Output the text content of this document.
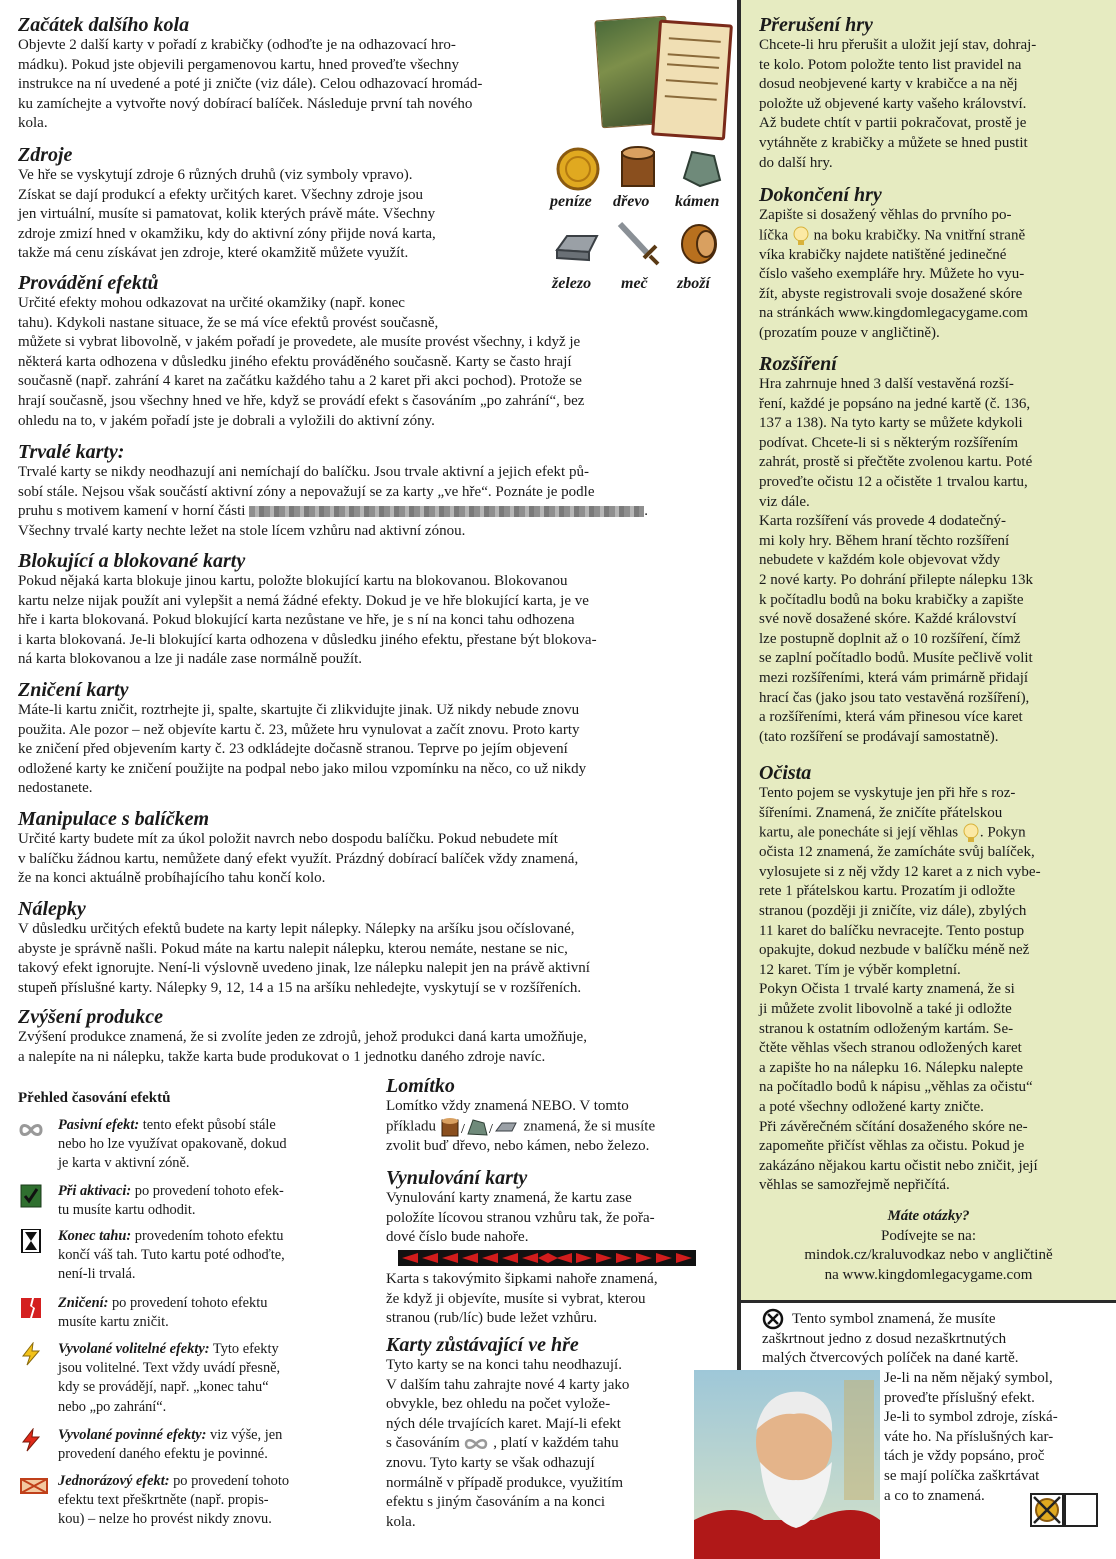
Začátek dalšího kola

Objevte 2 další karty v pořadí z krabičky (odhoďte je na odhazovací hro-

mádku). Pokud jste objevili pergamenovou kartu, hned proveďte všechny

instrukce na ní uvedené a poté ji zničte (viz dále). Celou odhazovací hromád-

ku zamíchejte a vytvořte nový dobírací balíček. Následuje první tah nového

kola.

Zdroje

Ve hře se vyskytují zdroje 6 různých druhů (viz symboly vpravo).

Získat se dají produkcí a efekty určitých karet. Všechny zdroje jsou

jen virtuální, musíte si pamatovat, kolik kterých právě máte. Všechny

zdroje zmizí hned v okamžiku, kdy do aktivní zóny přijde nová karta,

takže má cenu získávat jen zdroje, které okamžitě můžete využít.

peníze dřevo kámen
železo meč zboží
Provádění efektů

Určité efekty mohou odkazovat na určité okamžiky (např. konec

tahu). Kdykoli nastane situace, že se má více efektů provést současně,

můžete si vybrat libovolně, v jakém pořadí je provedete, ale musíte provést všechny, i když je

některá karta odhozena v důsledku jiného efektu prováděného současně. Karty se často hrají

současně (např. zahrání 4 karet na začátku každého tahu a 2 karet při akci pochod). Protože se

hrají současně, jsou všechny hned ve hře, když se provádí efekt s časováním „po zahrání“, bez

ohledu na to, v jakém pořadí jste je dobrali a vyložili do aktivní zóny.

Trvalé karty:

Trvalé karty se nikdy neodhazují ani nemíchají do balíčku. Jsou trvale aktivní a jejich efekt pů-

sobí stále. Nejsou však součástí aktivní zóny a nepovažují se za karty „ve hře“. Poznáte je podle

pruhu s motivem kamení v horní části	.

Všechny trvalé karty nechte ležet na stole lícem vzhůru nad aktivní zónou.

Blokující a blokované karty

Pokud nějaká karta blokuje jinou kartu, položte blokující kartu na blokovanou. Blokovanou

kartu nelze nijak použít ani vylepšit a nemá žádné efekty. Dokud je ve hře blokující karta, je ve

hře i karta blokovaná. Pokud blokující karta nezůstane ve hře, je s ní na konci tahu odhozena

i karta blokovaná. Je-li blokující karta odhozena v důsledku jiného efektu, přestane být blokova-

ná karta blokovanou a lze ji nadále zase normálně použít.

Zničení karty

Máte-li kartu zničit, roztrhejte ji, spalte, skartujte či zlikvidujte jinak. Už nikdy nebude znovu

použita. Ale pozor – než objevíte kartu č. 23, můžete hru vynulovat a začít znovu. Proto karty

ke zničení před objevením karty č. 23 odkládejte dočasně stranou. Teprve po jejím objevení

odložené karty ke zničení použijte na podpal nebo jako milou vzpomínku na něco, co už nikdy

nedostanete.

Manipulace s balíčkem

Určité karty budete mít za úkol položit navrch nebo dospodu balíčku. Pokud nebudete mít

v balíčku žádnou kartu, nemůžete daný efekt využít. Prázdný dobírací balíček vždy znamená,

že na konci aktuálně probíhajícího tahu končí kolo.

Nálepky

V důsledku určitých efektů budete na karty lepit nálepky. Nálepky na aršíku jsou očíslované,

abyste je správně našli. Pokud máte na kartu nalepit nálepku, kterou nemáte, nestane se nic,

takový efekt ignorujte. Není-li výslovně uvedeno jinak, lze nálepku nalepit jen na právě aktivní

stupeň příslušné karty. Nálepky 9, 12, 14 a 15 na aršíku nehledejte, vyskytují se v rozšířeních.

Zvýšení produkce

Zvýšení produkce znamená, že si zvolíte jeden ze zdrojů, jehož produkci daná karta umožňuje,

a nalepíte na ni nálepku, takže karta bude produkovat o 1 jednotku daného zdroje navíc.

Přehled časování efektů

Pasivní efekt: tento efekt působí stále

nebo ho lze využívat opakovaně, dokud

je karta v aktivní zóně.

Při aktivaci: po provedení tohoto efek-

tu musíte kartu odhodit.

Konec tahu: provedením tohoto efektu

končí váš tah. Tuto kartu poté odhoďte,

není-li trvalá.

Zničení: po provedení tohoto efektu

musíte kartu zničit.

Vyvolané volitelné efekty: Tyto efekty

jsou volitelné. Text vždy uvádí přesně,

kdy se provádějí, např. „konec tahu“

nebo „po zahrání“.

Vyvolané povinné efekty: viz výše, jen

provedení daného efektu je povinné.

Jednorázový efekt: po provedení tohoto

efektu text přeškrtněte (např. propis-

kou) – nelze ho provést nikdy znovu.

Lomítko

Lomítko vždy znamená NEBO. V tomto

příkladu / / znamená, že si musíte

zvolit buď dřevo, nebo kámen, nebo železo.

Vynulování karty

Vynulování karty znamená, že kartu zase

položíte lícovou stranou vzhůru tak, že pořa-

dové číslo bude nahoře.

Karta s takovýmito šipkami nahoře znamená,

že když ji objevíte, musíte si vybrat, kterou

stranou (rub/líc) bude ležet vzhůru.

Karty zůstávající ve hře

Tyto karty se na konci tahu neodhazují.

V dalším tahu zahrajte nové 4 karty jako

obvykle, bez ohledu na počet vylože-

ných déle trvajících karet. Mají-li efekt

s časováním , platí v každém tahu

znovu. Tyto karty se však odhazují

normálně v případě produkce, využitím

efektu s jiným časováním a na konci

kola.

Přerušení hry

Chcete-li hru přerušit a uložit její stav, dohraj-

te kolo. Potom položte tento list pravidel na

dosud neobjevené karty v krabičce a na něj

položte už objevené karty vašeho království.

Až budete chtít v partii pokračovat, prostě je

vytáhněte z krabičky a můžete se hned pustit

do další hry.

Dokončení hry

Zapište si dosažený věhlas do prvního po-

líčka na boku krabičky. Na vnitřní straně

víka krabičky najdete natištěné jedinečné

číslo vašeho exempláře hry. Můžete ho vyu-

žít, abyste registrovali svoje dosažené skóre

na stránkách www.kingdomlegacygame.com

(prozatím pouze v angličtině).

Rozšíření

Hra zahrnuje hned 3 další vestavěná rozší-

ření, každé je popsáno na jedné kartě (č. 136,

137 a 138). Na tyto karty se můžete kdykoli

podívat. Chcete-li si s některým rozšířením

zahrát, prostě si přečtěte zvolenou kartu. Poté

proveďte očistu 12 a očistěte 1 trvalou kartu,

viz dále.

Karta rozšíření vás provede 4 dodatečný-

mi koly hry. Během hraní těchto rozšíření

nebudete v každém kole objevovat vždy

2 nové karty. Po dohrání přilepte nálepku 13k

k počítadlu bodů na boku krabičky a zapište

své nově dosažené skóre. Každé království

lze postupně doplnit až o 10 rozšíření, čímž

se zaplní počítadlo bodů. Musíte pečlivě volit

mezi rozšířeními, která vám primárně přidají

hrací čas (jako jsou tato vestavěná rozšíření),

a rozšířeními, která vám přinesou více karet

(tato rozšíření se prodávají samostatně).

Očista

Tento pojem se vyskytuje jen při hře s roz-

šířeními. Znamená, že zničíte přátelskou

kartu, ale ponecháte si její věhlas . Pokyn

očista 12 znamená, že zamícháte svůj balíček,

vylosujete si z něj vždy 12 karet a z nich vybe-

rete 1 přátelskou kartu. Prozatím ji odložte

stranou (později ji zničíte, viz dále), zbylých

11 karet do balíčku nevracejte. Tento postup

opakujte, dokud nezbude v balíčku méně než

12 karet. Tím je výběr kompletní.

Pokyn Očista 1 trvalé karty znamená, že si

ji můžete zvolit libovolně a také ji odložte

stranou k ostatním odloženým kartám. Se-

čtěte věhlas všech stranou odložených karet

a zapište ho na nálepku 16. Nálepku nalepte

na počítadlo bodů k nápisu „věhlas za očistu“

a poté všechny odložené karty zničte.

Při závěrečném sčítání dosaženého skóre ne-

zapomeňte přičíst věhlas za očistu. Pokud je

zakázáno nějakou kartu očistit nebo zničit, její

věhlas se samozřejmě nepřičítá.

Máte otázky?

Podívejte se na:

mindok.cz/kraluvodkaz nebo v angličtině

na www.kingdomlegacygame.com

Tento symbol znamená, že musíte

zaškrtnout jedno z dosud nezaškrtnutých

malých čtvercových políček na dané kartě.

Je-li na něm nějaký symbol,

proveďte příslušný efekt.

Je-li to symbol zdroje, získá-

váte ho. Na příslušných kar-

tách je vždy popsáno, proč

se mají políčka zaškrtávat

a co to znamená.
